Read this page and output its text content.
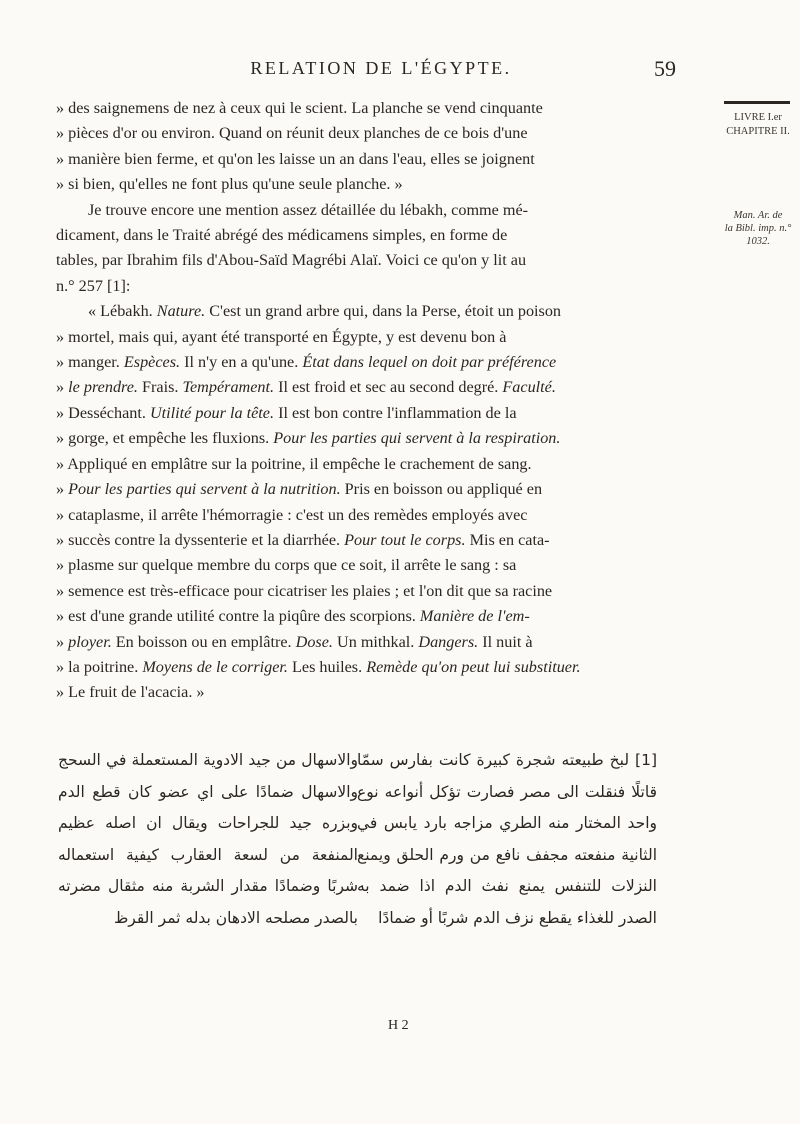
RELATION DE L'ÉGYPTE.	59
LIVRE I.er
CHAPITRE II.
Man. Ar. de
la Bibl. imp. n.°
1032.
» des saignemens de nez à ceux qui le scient. La planche se vend cinquante
» pièces d'or ou environ. Quand on réunit deux planches de ce bois d'une
» manière bien ferme, et qu'on les laisse un an dans l'eau, elles se joignent
» si bien, qu'elles ne font plus qu'une seule planche. »
Je trouve encore une mention assez détaillée du lébakh, comme mé-
dicament, dans le Traité abrégé des médicamens simples, en forme de
tables, par Ibrahim fils d'Abou-Saïd Magrébi Alaï. Voici ce qu'on y lit au
n.° 257 [1]:
« Lébakh. Nature. C'est un grand arbre qui, dans la Perse, étoit un poison
» mortel, mais qui, ayant été transporté en Égypte, y est devenu bon à
» manger. Espèces. Il n'y en a qu'une. État dans lequel on doit par préférence
» le prendre. Frais. Tempérament. Il est froid et sec au second degré. Faculté.
» Desséchant. Utilité pour la tête. Il est bon contre l'inflammation de la
» gorge, et empêche les fluxions. Pour les parties qui servent à la respiration.
» Appliqué en emplâtre sur la poitrine, il empêche le crachement de sang.
» Pour les parties qui servent à la nutrition. Pris en boisson ou appliqué en
» cataplasme, il arrête l'hémorragie : c'est un des remèdes employés avec
» succès contre la dyssenterie et la diarrhée. Pour tout le corps. Mis en cata-
» plasme sur quelque membre du corps que ce soit, il arrête le sang : sa
» semence est très-efficace pour cicatriser les plaies ; et l'on dit que sa racine
» est d'une grande utilité contre la piqûre des scorpions. Manière de l'em-
» ployer. En boisson ou en emplâtre. Dose. Un mithkal. Dangers. Il nuit à
» la poitrine. Moyens de le corriger. Les huiles. Remède qu'on peut lui substituer.
» Le fruit de l'acacia. »
[1] لبخ طبيعته شجرة كبيرة كانت بفارس سمّا قاتلًا فنقلت الى مصر فصارت تؤكل أنواعه نوع واحد المختار منه الطري مزاجه بارد يابس في الثانية منفعته مجفف نافع من ورم الحلق ويمنع النزلات للتنفس يمنع نفث الدم اذا ضمد به الصدر للغذاء يقطع نزف الدم شربًا أو ضمادًا
والاسهال من جيد الادوية المستعملة في السحج والاسهال ضمادًا على اي عضو كان قطع الدم وبزره جيد للجراحات ويقال ان اصله عظيم المنفعة من لسعة العقارب كيفية استعماله شربًا وضمادًا مقدار الشربة منه مثقال مضرته بالصدر مصلحه الادهان بدله ثمر القرظ
H 2
